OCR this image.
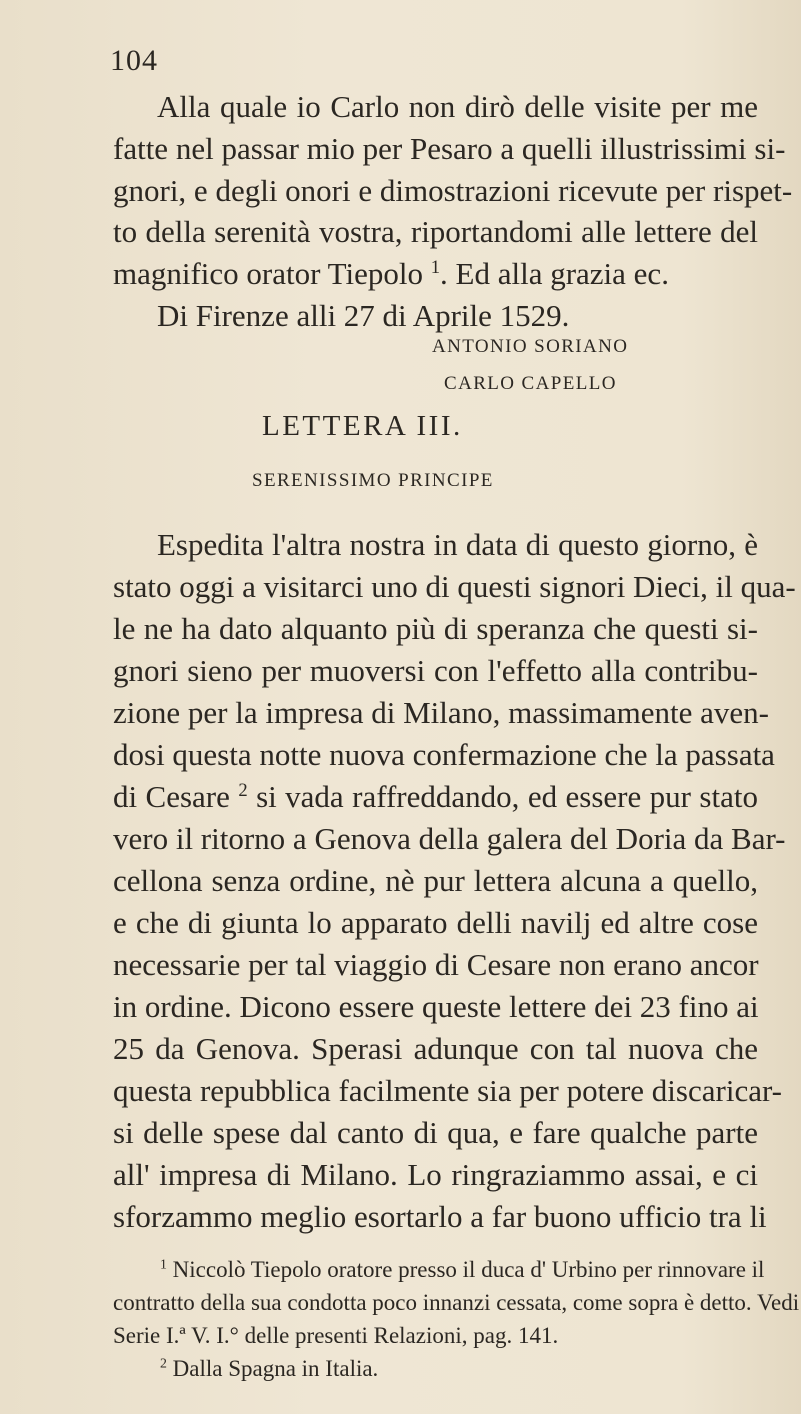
104
Alla quale io Carlo non dirò delle visite per me
fatte nel passar mio per Pesaro a quelli illustrissimi si-
gnori, e degli onori e dimostrazioni ricevute per rispet-
to della serenità vostra, riportandomi alle lettere del
magnifico orator Tiepolo $^1$. Ed alla grazia ec.
Di Firenze alli 27 di Aprile 1529.
ANTONIO SORIANO
CARLO CAPELLO
LETTERA III.
SERENISSIMO PRINCIPE
Espedita l'altra nostra in data di questo giorno, è
stato oggi a visitarci uno di questi signori Dieci, il qua-
le ne ha dato alquanto più di speranza che questi si-
gnori sieno per muoversi con l'effetto alla contribu-
zione per la impresa di Milano, massimamente aven-
dosi questa notte nuova confermazione che la passata
di Cesare $^2$ si vada raffreddando, ed essere pur stato
vero il ritorno a Genova della galera del Doria da Bar-
cellona senza ordine, nè pur lettera alcuna a quello,
e che di giunta lo apparato delli navilj ed altre cose
necessarie per tal viaggio di Cesare non erano ancor
in ordine. Dicono essere queste lettere dei 23 fino ai
25 da Genova. Sperasi adunque con tal nuova che
questa repubblica facilmente sia per potere discaricar-
si delle spese dal canto di qua, e fare qualche parte
all' impresa di Milano. Lo ringraziammo assai, e ci
sforzammo meglio esortarlo a far buono ufficio tra li
$^1$ Niccolò Tiepolo oratore presso il duca d' Urbino per rinnovare il
contratto della sua condotta poco innanzi cessata, come sopra è detto. Vedi
Serie I.ª V. I.° delle presenti Relazioni, pag. 141.
$^2$ Dalla Spagna in Italia.
